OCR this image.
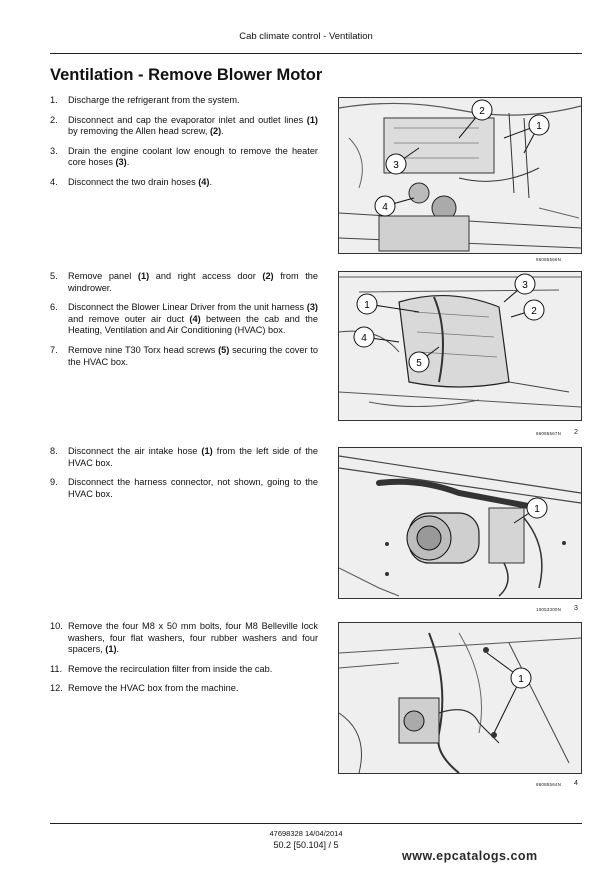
Cab climate control - Ventilation
Ventilation - Remove Blower Motor
1.	Discharge the refrigerant from the system.
2.	Disconnect and cap the evaporator inlet and outlet lines (1) by removing the Allen head screw, (2).
3.	Drain the engine coolant low enough to remove the heater core hoses (3).
4.	Disconnect the two drain hoses (4).
5.	Remove panel (1) and right access door (2) from the windrower.
6.	Disconnect the Blower Linear Driver from the unit harness (3) and remove outer air duct (4) between the cab and the Heating, Ventilation and Air Conditioning (HVAC) box.
7.	Remove nine T30 Torx head screws (5) securing the cover to the HVAC box.
8.	Disconnect the air intake hose (1) from the left side of the HVAC box.
9.	Disconnect the harness connector, not shown, going to the HVAC box.
10. Remove the four M8 x 50 mm bolts, four M8 Belleville lock washers, four flat washers, four rubber washers and four spacers, (1).
11. Remove the recirculation filter from inside the cab.
12. Remove the HVAC box from the machine.
1
2
3
4
86085566N
1
2
3
4
5
86085567N 2
1
10053300N 3
1
86085564N 4
47698328 14/04/2014
50.2 [50.104] / 5
www.epcatalogs.com
